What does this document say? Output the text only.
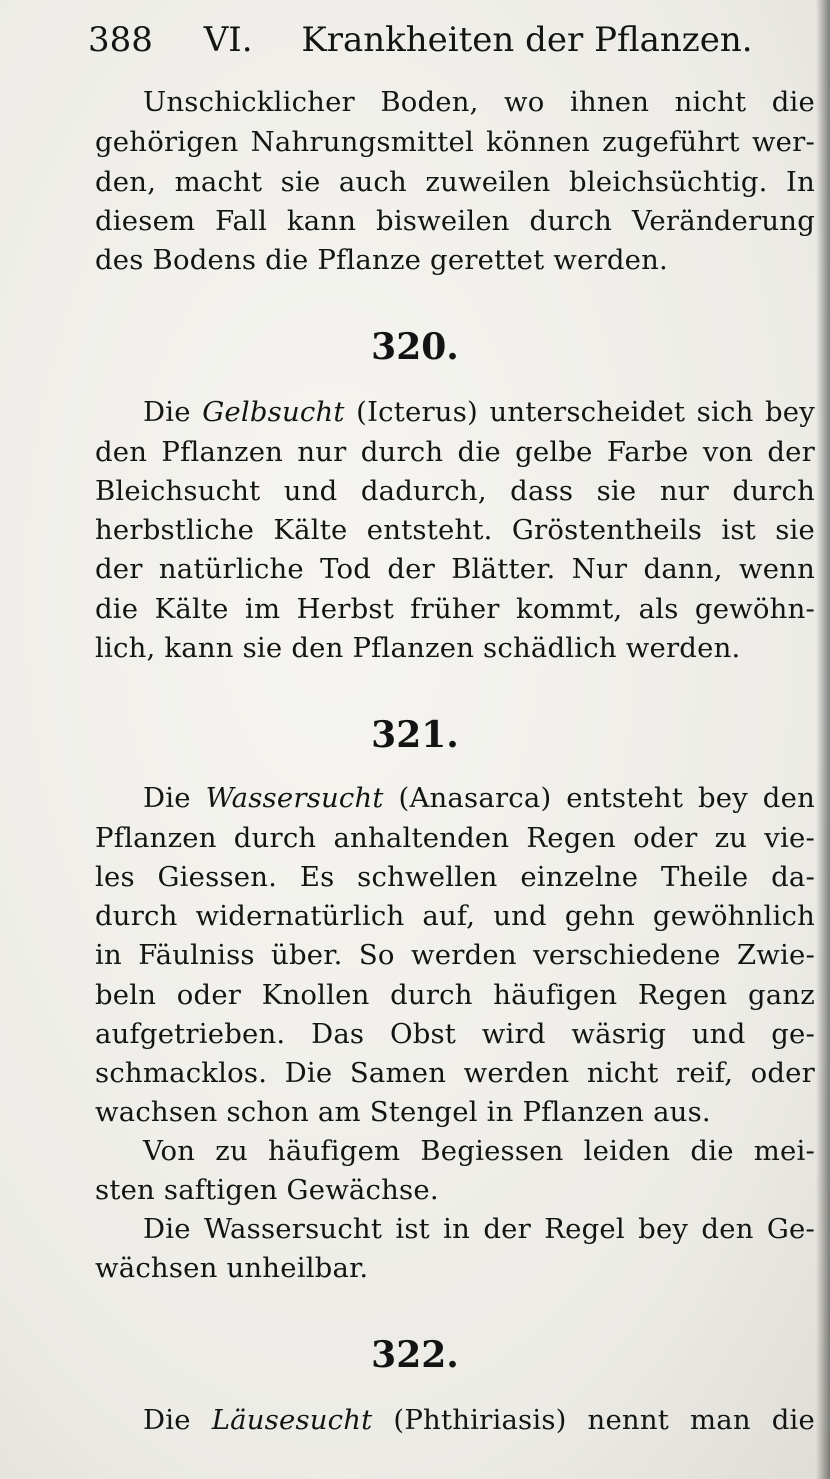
388 VI. Krankheiten der Pflanzen.
Unschicklicher Boden, wo ihnen nicht die
gehörigen Nahrungsmittel können zugeführt wer-
den, macht sie auch zuweilen bleichsüchtig. In
diesem Fall kann bisweilen durch Veränderung
des Bodens die Pflanze gerettet werden.
320.
Die Gelbsucht (Icterus) unterscheidet sich bey
den Pflanzen nur durch die gelbe Farbe von der
Bleichsucht und dadurch, dass sie nur durch
herbstliche Kälte entsteht. Gröstentheils ist sie
der natürliche Tod der Blätter. Nur dann, wenn
die Kälte im Herbst früher kommt, als gewöhn-
lich, kann sie den Pflanzen schädlich werden.
321.
Die Wassersucht (Anasarca) entsteht bey den
Pflanzen durch anhaltenden Regen oder zu vie-
les Giessen. Es schwellen einzelne Theile da-
durch widernatürlich auf, und gehn gewöhnlich
in Fäulniss über. So werden verschiedene Zwie-
beln oder Knollen durch häufigen Regen ganz
aufgetrieben. Das Obst wird wäsrig und ge-
schmacklos. Die Samen werden nicht reif, oder
wachsen schon am Stengel in Pflanzen aus.
Von zu häufigem Begiessen leiden die mei-
sten saftigen Gewächse.
Die Wassersucht ist in der Regel bey den Ge-
wächsen unheilbar.
322.
Die Läusesucht (Phthiriasis) nennt man die
